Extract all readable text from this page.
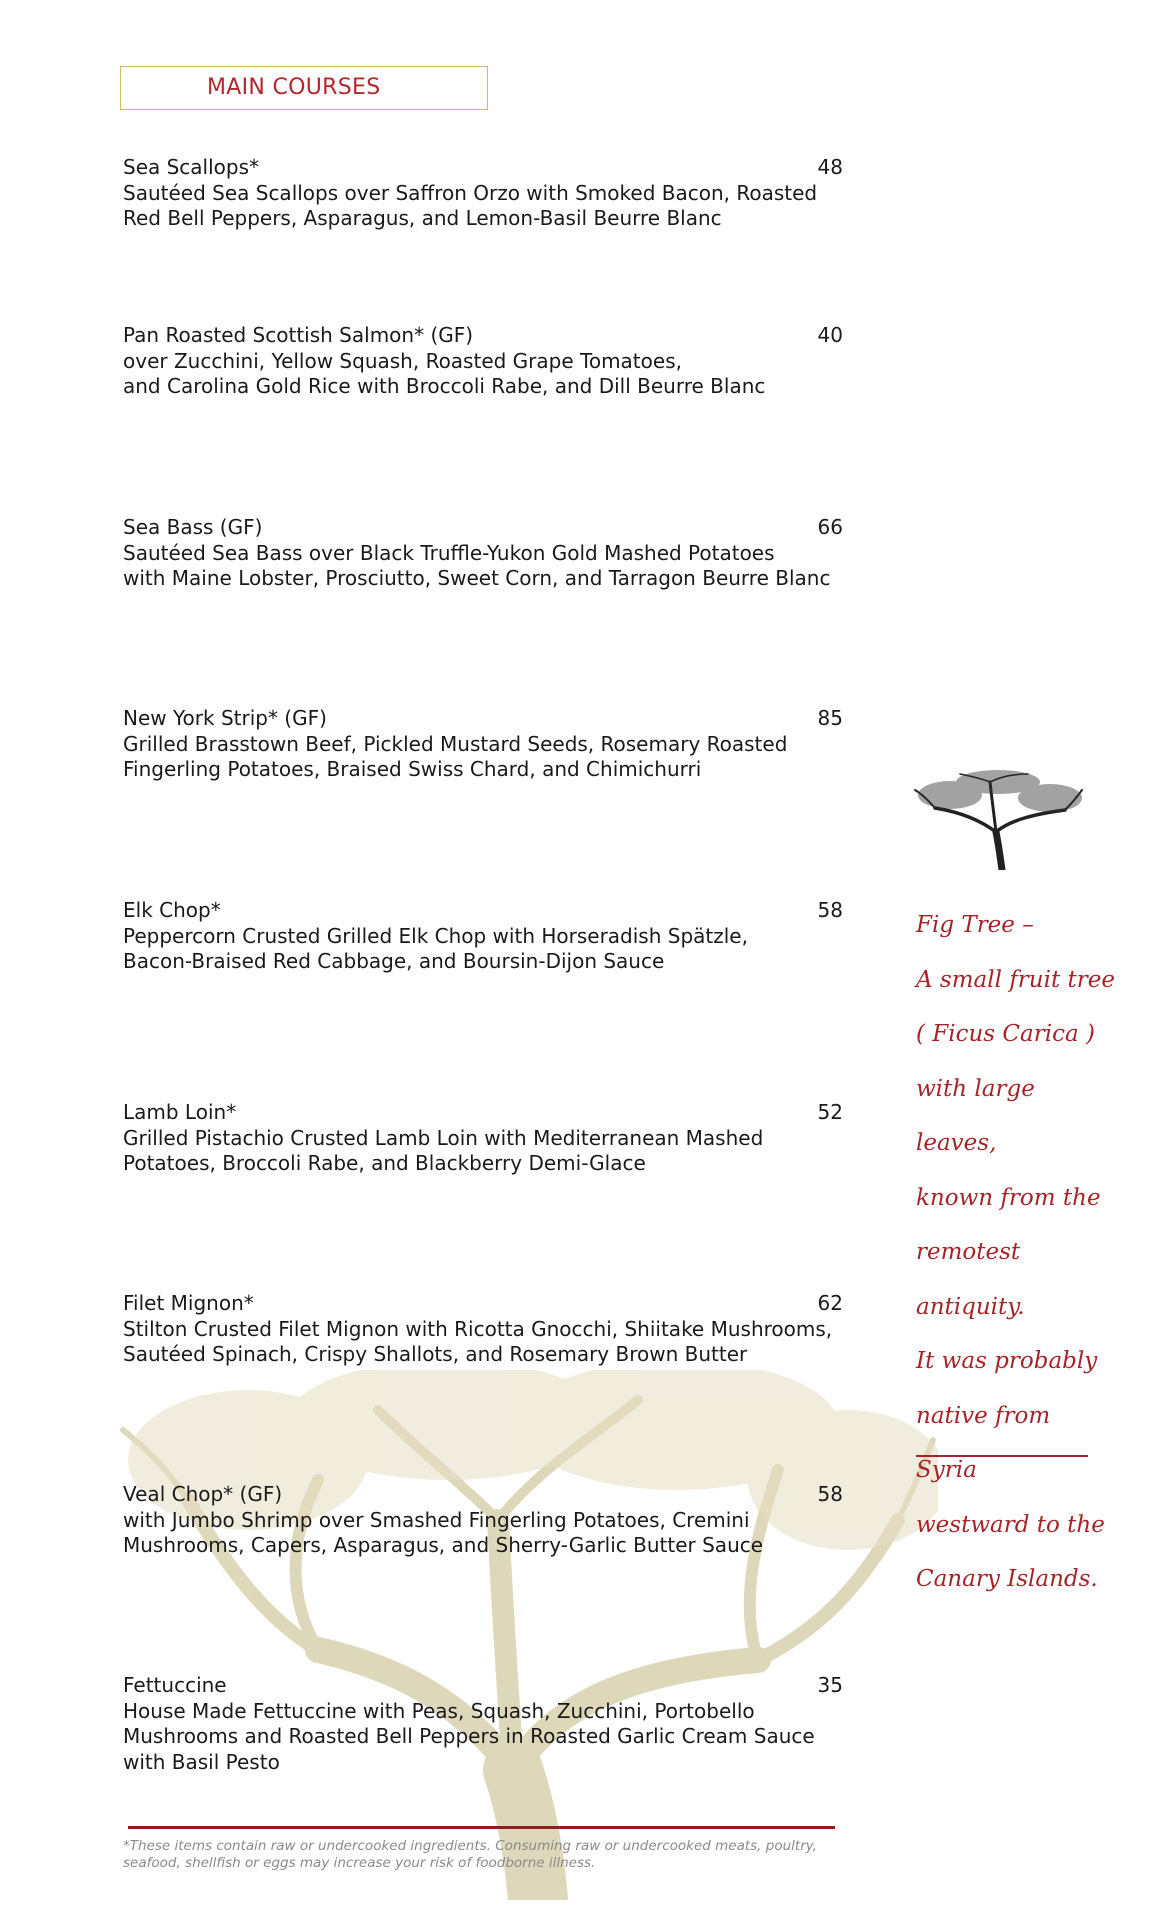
MAIN COURSES
Sea Scallops*	48
Sautéed Sea Scallops over Saffron Orzo with Smoked Bacon, Roasted
Red Bell Peppers, Asparagus, and Lemon-Basil Beurre Blanc
Pan Roasted Scottish Salmon* (GF)	40
over Zucchini, Yellow Squash, Roasted Grape Tomatoes,
and Carolina Gold Rice with Broccoli Rabe, and Dill Beurre Blanc
Sea Bass (GF)	66
Sautéed Sea Bass over Black Truffle-Yukon Gold Mashed Potatoes
with Maine Lobster, Prosciutto, Sweet Corn, and Tarragon Beurre Blanc
New York Strip* (GF)	85
Grilled Brasstown Beef, Pickled Mustard Seeds, Rosemary Roasted
Fingerling Potatoes, Braised Swiss Chard, and Chimichurri
Elk Chop*	58
Peppercorn Crusted Grilled Elk Chop with Horseradish Spätzle,
Bacon-Braised Red Cabbage, and Boursin-Dijon Sauce
Lamb Loin*	52
Grilled Pistachio Crusted Lamb Loin with Mediterranean Mashed
Potatoes, Broccoli Rabe, and Blackberry Demi-Glace
Filet Mignon*	62
Stilton Crusted Filet Mignon with Ricotta Gnocchi, Shiitake Mushrooms,
Sautéed Spinach, Crispy Shallots, and Rosemary Brown Butter
Veal Chop* (GF)	58
with Jumbo Shrimp over Smashed Fingerling Potatoes, Cremini
Mushrooms, Capers, Asparagus, and Sherry-Garlic Butter Sauce
Fettuccine	35
House Made Fettuccine with Peas, Squash, Zucchini, Portobello
Mushrooms and Roasted Bell Peppers in Roasted Garlic Cream Sauce
with Basil Pesto
Fig Tree –
A small fruit tree
( Ficus Carica )
with large leaves,
known from the
remotest antiquity.
It was probably
native from Syria
westward to the
Canary Islands.
*These items contain raw or undercooked ingredients. Consuming raw or undercooked meats, poultry, seafood, shellfish or eggs may increase your risk of foodborne illness.
